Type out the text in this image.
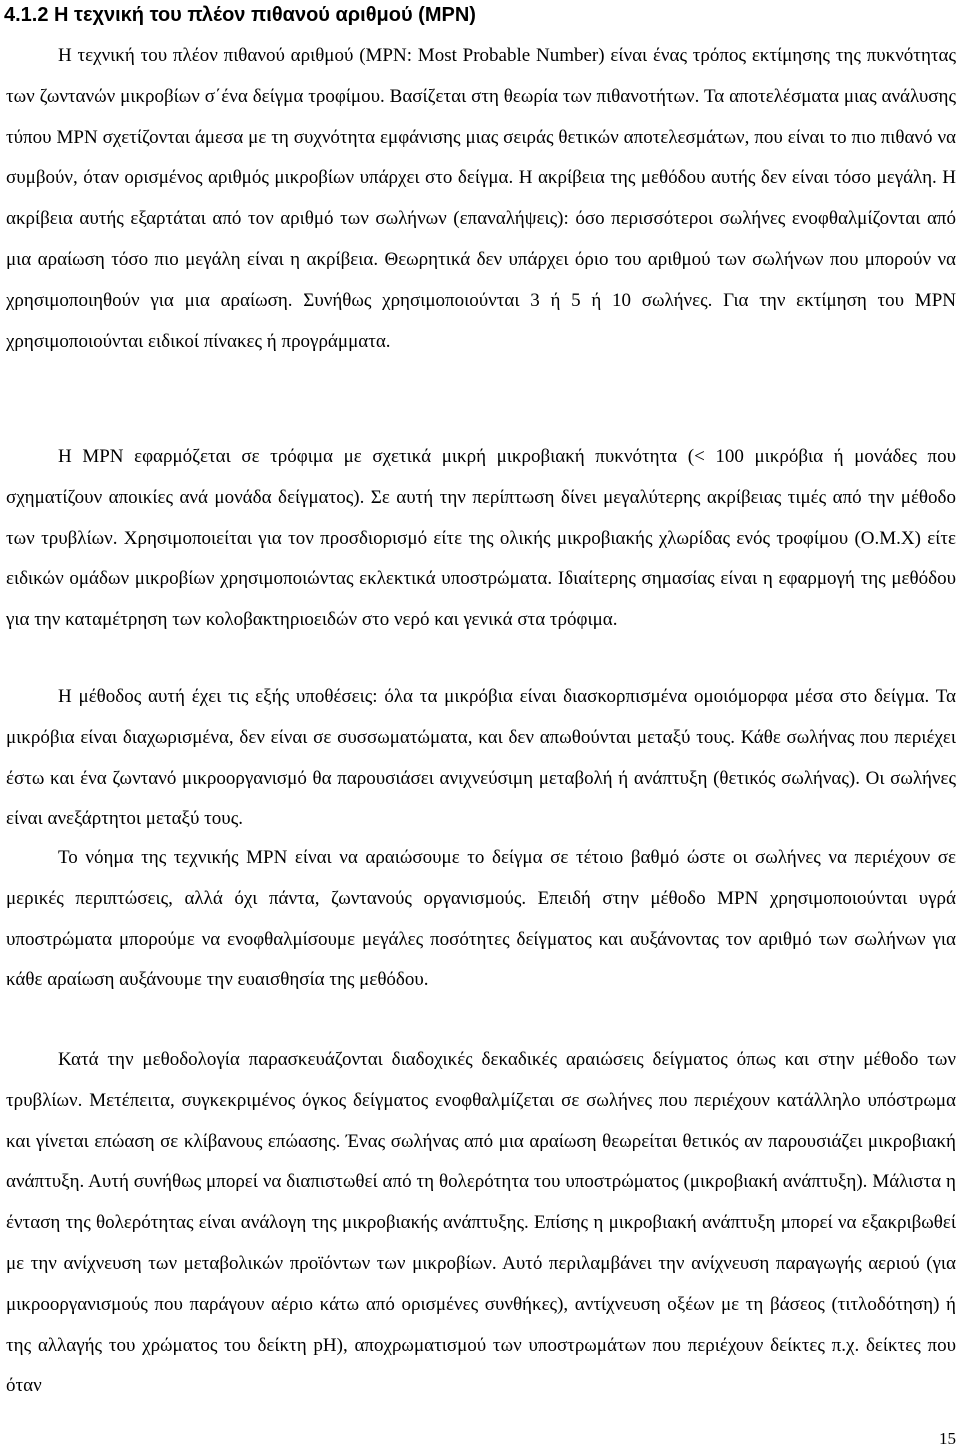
4.1.2 Η τεχνική του πλέον πιθανού αριθμού (MPN)

Η τεχνική του πλέον πιθανού αριθμού (MPN: Most Probable Number) είναι ένας τρόπος εκτίμησης της πυκνότητας των ζωντανών μικροβίων σ΄ένα δείγμα τροφίμου. Βασίζεται στη θεωρία των πιθανοτήτων. Τα αποτελέσματα μιας ανάλυσης τύπου MPN σχετίζονται άμεσα με τη συχνότητα εμφάνισης μιας σειράς θετικών αποτελεσμάτων, που είναι το πιο πιθανό να συμβούν, όταν ορισμένος αριθμός μικροβίων υπάρχει στο δείγμα. Η ακρίβεια της μεθόδου αυτής δεν είναι τόσο μεγάλη. Η ακρίβεια αυτής εξαρτάται από τον αριθμό των σωλήνων (επαναλήψεις): όσο περισσότεροι σωλήνες ενοφθαλμίζονται από μια αραίωση τόσο πιο μεγάλη είναι η ακρίβεια. Θεωρητικά δεν υπάρχει όριο του αριθμού των σωλήνων που μπορούν να χρησιμοποιηθούν για μια αραίωση. Συνήθως χρησιμοποιούνται 3 ή 5 ή 10 σωλήνες. Για την εκτίμηση του MPN χρησιμοποιούνται ειδικοί πίνακες ή προγράμματα.

Η MPN εφαρμόζεται σε τρόφιμα με σχετικά μικρή μικροβιακή πυκνότητα (< 100 μικρόβια ή μονάδες που σχηματίζουν αποικίες ανά μονάδα δείγματος). Σε αυτή την περίπτωση δίνει μεγαλύτερης ακρίβειας τιμές από την μέθοδο των τρυβλίων. Χρησιμοποιείται για τον προσδιορισμό είτε της ολικής μικροβιακής χλωρίδας ενός τροφίμου (Ο.Μ.Χ) είτε ειδικών ομάδων μικροβίων χρησιμοποιώντας εκλεκτικά υποστρώματα. Ιδιαίτερης σημασίας είναι η εφαρμογή της μεθόδου για την καταμέτρηση των κολοβακτηριοειδών στο νερό και γενικά στα τρόφιμα.

Η μέθοδος αυτή έχει τις εξής υποθέσεις: όλα τα μικρόβια είναι διασκορπισμένα ομοιόμορφα μέσα στο δείγμα. Τα μικρόβια είναι διαχωρισμένα, δεν είναι σε συσσωματώματα, και δεν απωθούνται μεταξύ τους. Κάθε σωλήνας που περιέχει έστω και ένα ζωντανό μικροοργανισμό θα παρουσιάσει ανιχνεύσιμη μεταβολή ή ανάπτυξη (θετικός σωλήνας). Οι σωλήνες είναι ανεξάρτητοι μεταξύ τους.

Το νόημα της τεχνικής MPN είναι να αραιώσουμε το δείγμα σε τέτοιο βαθμό ώστε οι σωλήνες να περιέχουν σε μερικές περιπτώσεις, αλλά όχι πάντα, ζωντανούς οργανισμούς. Επειδή στην μέθοδο MPN χρησιμοποιούνται υγρά υποστρώματα μπορούμε να ενοφθαλμίσουμε μεγάλες ποσότητες δείγματος και αυξάνοντας τον αριθμό των σωλήνων για κάθε αραίωση αυξάνουμε την ευαισθησία της μεθόδου.

Κατά την μεθοδολογία παρασκευάζονται διαδοχικές δεκαδικές αραιώσεις δείγματος όπως και στην μέθοδο των τρυβλίων. Μετέπειτα, συγκεκριμένος όγκος δείγματος ενοφθαλμίζεται σε σωλήνες που περιέχουν κατάλληλο υπόστρωμα και γίνεται επώαση σε κλίβανους επώασης. Ένας σωλήνας από μια αραίωση θεωρείται θετικός αν παρουσιάζει μικροβιακή ανάπτυξη. Αυτή συνήθως μπορεί να διαπιστωθεί από τη θολερότητα του υποστρώματος (μικροβιακή ανάπτυξη). Μάλιστα η ένταση της θολερότητας είναι ανάλογη της μικροβιακής ανάπτυξης. Επίσης η μικροβιακή ανάπτυξη μπορεί να εξακριβωθεί με την ανίχνευση των μεταβολικών προϊόντων των μικροβίων. Αυτό περιλαμβάνει την ανίχνευση παραγωγής αεριού (για μικροοργανισμούς που παράγουν αέριο κάτω από ορισμένες συνθήκες), αντίχνευση οξέων με τη βάσεος (τιτλοδότηση) ή της αλλαγής του χρώματος του δείκτη pH), αποχρωματισμού των υποστρωμάτων που περιέχουν δείκτες π.χ. δείκτες που όταν

15
